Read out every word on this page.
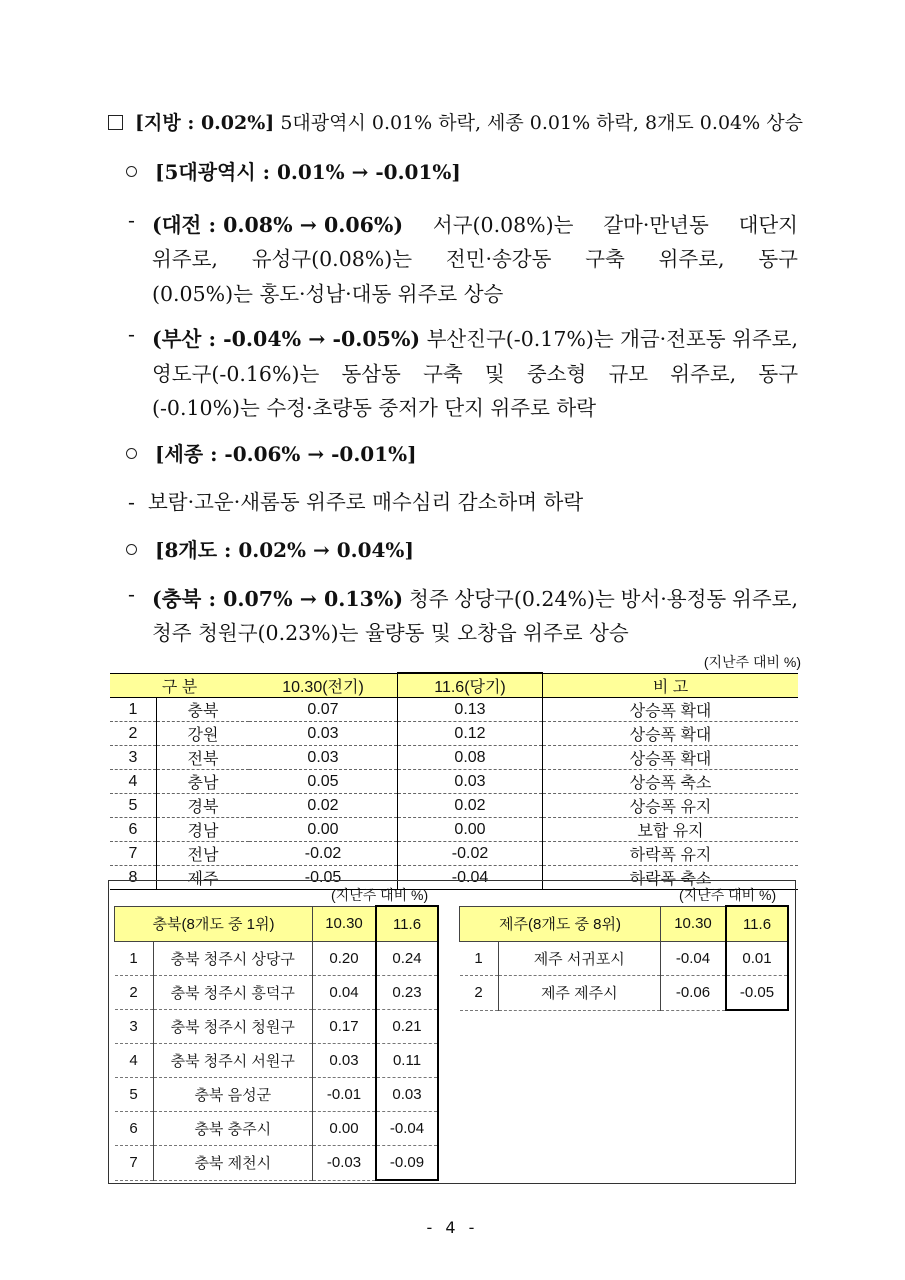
[지방 : 0.02%] 5대광역시 0.01% 하락, 세종 0.01% 하락, 8개도 0.04% 상승
[5대광역시 : 0.01% → -0.01%]
- (대전 : 0.08% → 0.06%) 서구(0.08%)는 갈마·만년동 대단지
위주로, 유성구(0.08%)는 전민·송강동 구축 위주로, 동구
(0.05%)는 홍도·성남·대동 위주로 상승
- (부산 : -0.04% → -0.05%) 부산진구(-0.17%)는 개금·전포동 위주로,
영도구(-0.16%)는 동삼동 구축 및 중소형 규모 위주로, 동구
(-0.10%)는 수정·초량동 중저가 단지 위주로 하락
[세종 : -0.06% → -0.01%]
-  보람·고운·새롬동 위주로 매수심리 감소하며 하락
[8개도 : 0.02% → 0.04%]
- (충북 : 0.07% → 0.13%) 청주 상당구(0.24%)는 방서·용정동 위주로,
청주 청원구(0.23%)는 율량동 및 오창읍 위주로 상승
(지난주 대비 %)
구 분		10.30(전기)	11.6(당기)	비 고
1	충북	0.07	0.13	상승폭 확대
2	강원	0.03	0.12	상승폭 확대
3	전북	0.03	0.08	상승폭 확대
4	충남	0.05	0.03	상승폭 축소
5	경북	0.02	0.02	상승폭 유지
6	경남	0.00	0.00	보합 유지
7	전남	-0.02	-0.02	하락폭 유지
8	제주	-0.05	-0.04	하락폭 축소
(지난주 대비 %)
충북(8개도 중 1위)		10.30	11.6
1	충북 청주시 상당구	0.20	0.24
2	충북 청주시 흥덕구	0.04	0.23
3	충북 청주시 청원구	0.17	0.21
4	충북 청주시 서원구	0.03	0.11
5	충북 음성군	-0.01	0.03
6	충북 충주시	0.00	-0.04
7	충북 제천시	-0.03	-0.09
(지난주 대비 %)
제주(8개도 중 8위)		10.30	11.6
1	제주 서귀포시	-0.04	0.01
2	제주 제주시	-0.06	-0.05
- 4 -
